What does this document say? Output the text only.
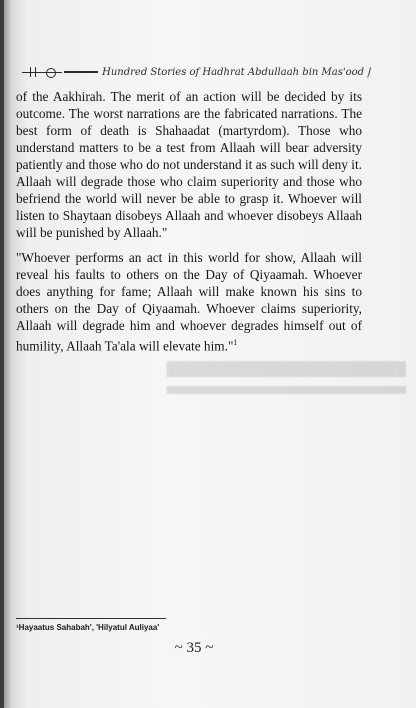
██████████████████████████
▄▄▄▄▄▄▄▄▄▄▄▄▄▄▄▄▄▄▄▄▄▄▄▄▄▄
Hundred Stories of Hadhrat Abdullaah bin Mas'ood إ

of the Aakhirah. The merit of an action will be decided by its outcome. The worst narrations are the fabricated narrations. The best form of death is Shahaadat (martyrdom). Those who understand matters to be a test from Allaah will bear adversity patiently and those who do not understand it as such will deny it. Allaah will degrade those who claim superiority and those who befriend the world will never be able to grasp it. Whoever will listen to Shaytaan disobeys Allaah and whoever disobeys Allaah will be punished by Allaah."

"Whoever performs an act in this world for show, Allaah will reveal his faults to others on the Day of Qiyaamah. Whoever does anything for fame; Allaah will make known his sins to others on the Day of Qiyaamah. Whoever claims superiority, Allaah will degrade him and whoever degrades himself out of humility, Allaah Ta'ala will elevate him."$^1$

¹Hayaatus Sahabah', 'Hilyatul Auliyaa'
~ 35 ~
